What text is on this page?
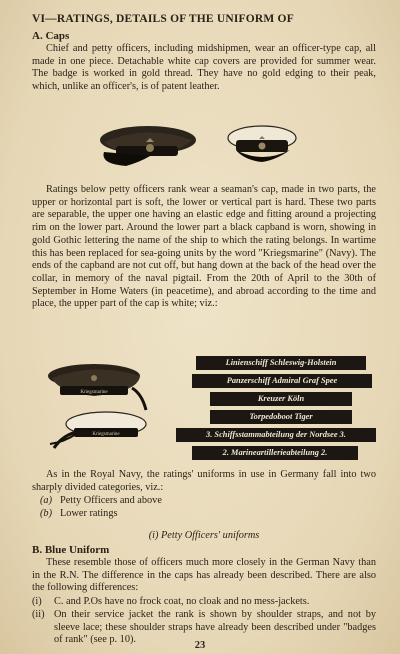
VI—RATINGS, DETAILS OF THE UNIFORM OF
A. Caps

Chief and petty officers, including midshipmen, wear an officer-type cap, all made in one piece. Detachable white cap covers are provided for summer wear. The badge is worked in gold thread. They have no gold edging to their peak, which, unlike an officer's, is of patent leather.

Ratings below petty officers rank wear a seaman's cap, made in two parts, the upper or horizontal part is soft, the lower or vertical part is hard. These two parts are separable, the upper one having an elastic edge and fitting around a projecting rim on the lower part. Around the lower part a black capband is worn, showing in gold Gothic lettering the name of the ship to which the rating belongs. In wartime this has been replaced for sea-going units by the word "Kriegsmarine" (Navy). The ends of the capband are not cut off, but hang down at the back of the head over the collar, in memory of the naval pigtail. From the 20th of April to the 30th of September in Home Waters (in peacetime), and abroad according to the time and place, the upper part of the cap is white; viz.:

Kriegsmarine
Kriegsmarine
Linienschiff Schleswig-Holstein
Panzerschiff Admiral Graf Spee
Kreuzer Köln
Torpedoboot Tiger
3. Schiffsstammabteilung der Nordsee 3.
2. Marineartillerieabteilung 2.

As in the Royal Navy, the ratings' uniforms in use in Germany fall into two sharply divided categories, viz.:

(a) Petty Officers and above
(b) Lower ratings
(i) Petty Officers' uniforms
B. Blue Uniform

These resemble those of officers much more closely in the German Navy than in the R.N. The difference in the caps has already been described. There are also the following differences:

(i)	C. and P.Os have no frock coat, no cloak and no mess-jackets.
(ii) On their service jacket the rank is shown by shoulder straps, and not by sleeve lace; these shoulder straps have already been described under "badges of rank" (see p. 10).
23
